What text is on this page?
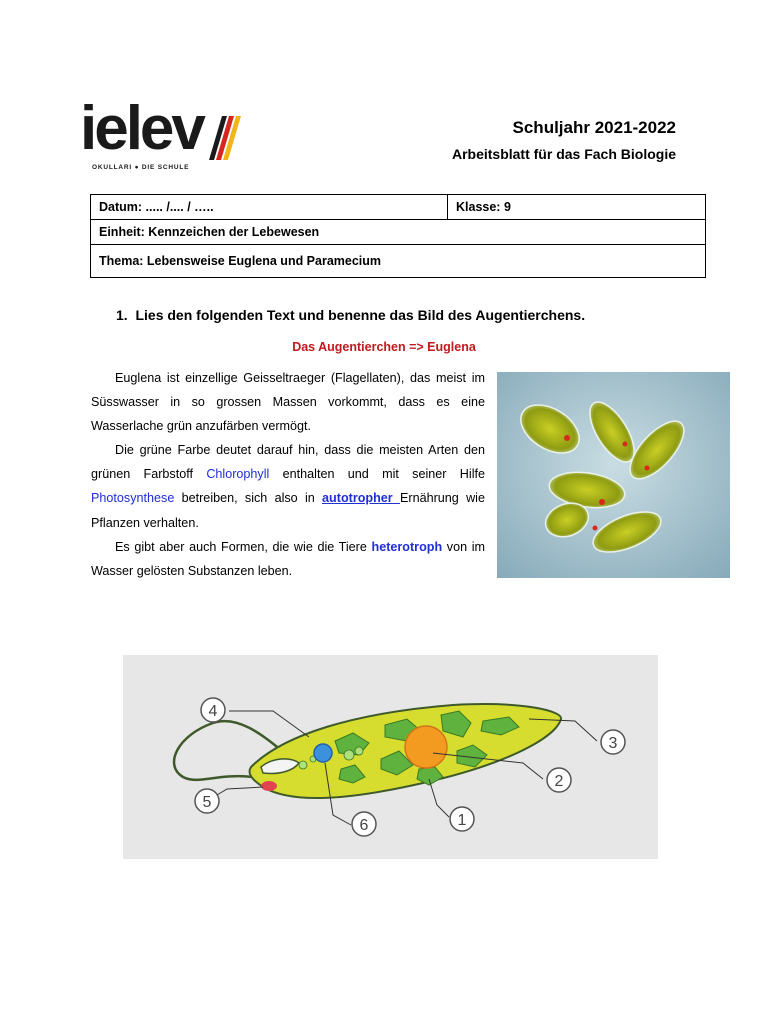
ielev
OKULLARI ● DIE SCHULE
Schuljahr 2021-2022
Arbeitsblatt für das Fach Biologie
Datum: ..... /.... / …..	Klasse: 9
Einheit: Kennzeichen der Lebewesen
Thema: Lebensweise Euglena und Paramecium
1. Lies den folgenden Text und benenne das Bild des Augentierchens.
Das Augentierchen => Euglena

Euglena ist einzellige Geisseltraeger (Flagellaten), das meist im Süsswasser in so grossen Massen vorkommt, dass es eine Wasserlache grün anzufärben vermögt.

Die grüne Farbe deutet darauf hin, dass die meisten Arten den grünen Farbstoff Chlorophyll enthalten und mit seiner Hilfe Photosynthese betreiben, sich also in autotropher Ernährung wie Pflanzen verhalten.

Es gibt aber auch Formen, die wie die Tiere heterotroph von im Wasser gelösten Substanzen leben.

4
3
2
5
1
6
